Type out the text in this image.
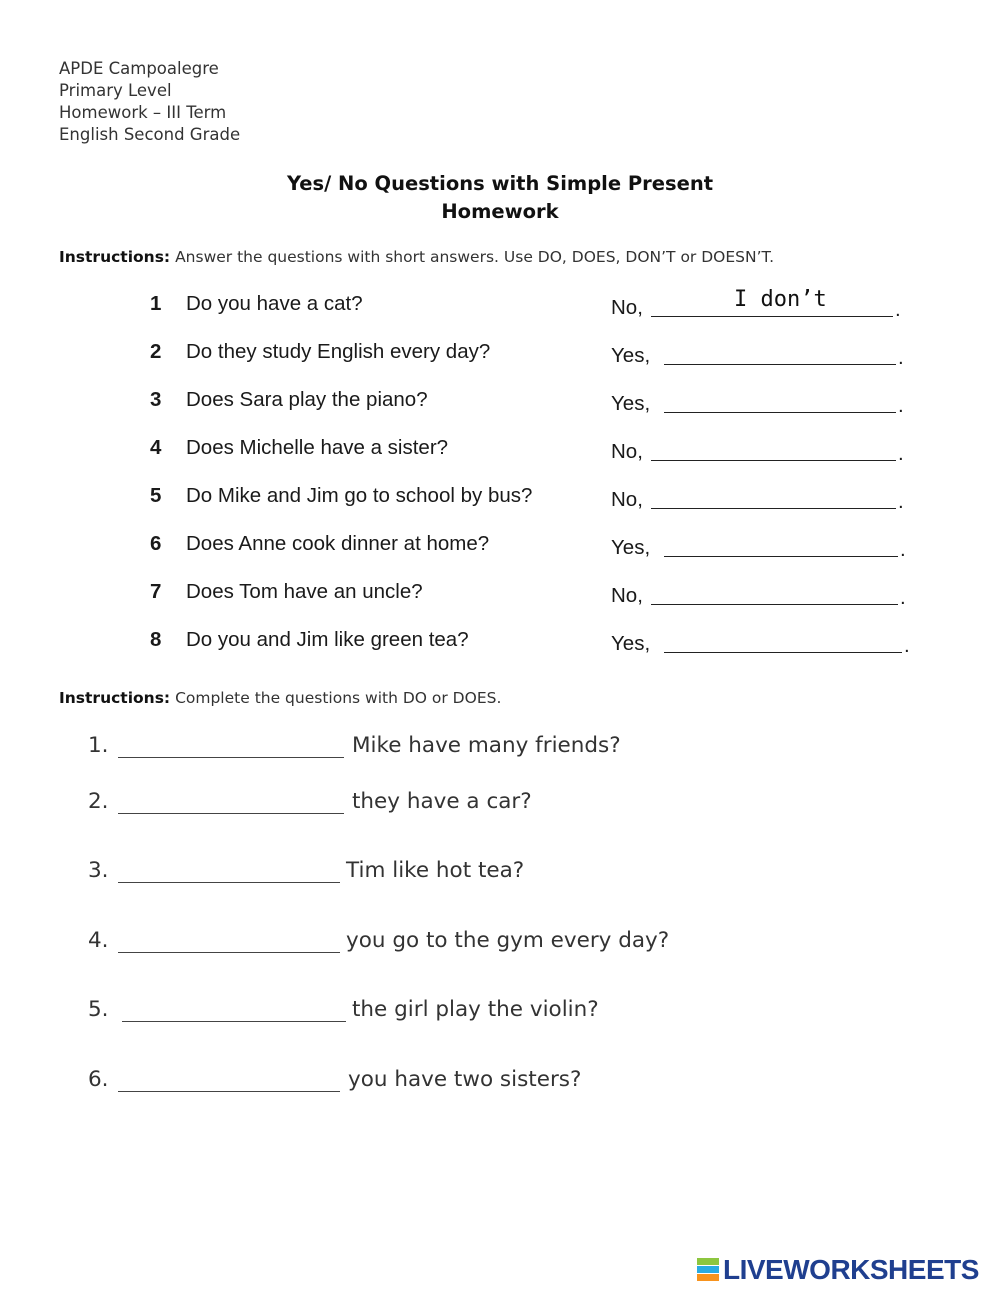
APDE Campoalegre
Primary Level
Homework – III Term
English Second Grade
Yes/ No Questions with Simple Present
Homework
Instructions: Answer the questions with short answers. Use DO, DOES, DON’T or DOESN’T.
1 Do you have a cat?	No,	I don’t	.
2 Do they study English every day?	Yes,	.
3 Does Sara play the piano?	Yes,	.
4 Does Michelle have a sister?	No,	.
5 Do Mike and Jim go to school by bus?	No,	.
6 Does Anne cook dinner at home?	Yes,	.
7 Does Tom have an uncle?	No,	.
8 Do you and Jim like green tea?	Yes,	.
Instructions: Complete the questions with DO or DOES.
1.	Mike have many friends?
2.	they have a car?
3.	Tim like hot tea?
4.	you go to the gym every day?
5.	the girl play the violin?
6.	you have two sisters?
LIVEWORKSHEETS
